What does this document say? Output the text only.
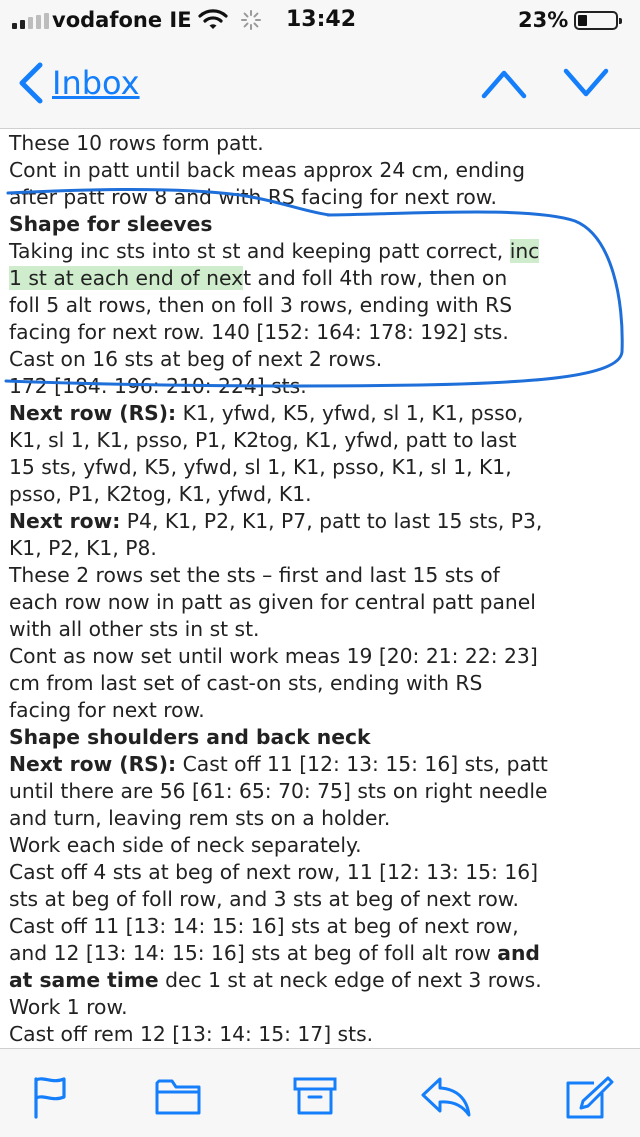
vodafone IE	13:42	23%
Inbox
These 10 rows form patt.
Cont in patt until back meas approx 24 cm, ending
after patt row 8 and with RS facing for next row.
Shape for sleeves
Taking inc sts into st st and keeping patt correct, inc
1 st at each end of next and foll 4th row, then on
foll 5 alt rows, then on foll 3 rows, ending with RS
facing for next row. 140 [152: 164: 178: 192] sts.
Cast on 16 sts at beg of next 2 rows.
172 [184: 196: 210: 224] sts.
Next row (RS): K1, yfwd, K5, yfwd, sl 1, K1, psso,
K1, sl 1, K1, psso, P1, K2tog, K1, yfwd, patt to last
15 sts, yfwd, K5, yfwd, sl 1, K1, psso, K1, sl 1, K1,
psso, P1, K2tog, K1, yfwd, K1.
Next row: P4, K1, P2, K1, P7, patt to last 15 sts, P3,
K1, P2, K1, P8.
These 2 rows set the sts – first and last 15 sts of
each row now in patt as given for central patt panel
with all other sts in st st.
Cont as now set until work meas 19 [20: 21: 22: 23]
cm from last set of cast-on sts, ending with RS
facing for next row.
Shape shoulders and back neck
Next row (RS): Cast off 11 [12: 13: 15: 16] sts, patt
until there are 56 [61: 65: 70: 75] sts on right needle
and turn, leaving rem sts on a holder.
Work each side of neck separately.
Cast off 4 sts at beg of next row, 11 [12: 13: 15: 16]
sts at beg of foll row, and 3 sts at beg of next row.
Cast off 11 [13: 14: 15: 16] sts at beg of next row,
and 12 [13: 14: 15: 16] sts at beg of foll alt row and
at same time dec 1 st at neck edge of next 3 rows.
Work 1 row.
Cast off rem 12 [13: 14: 15: 17] sts.
